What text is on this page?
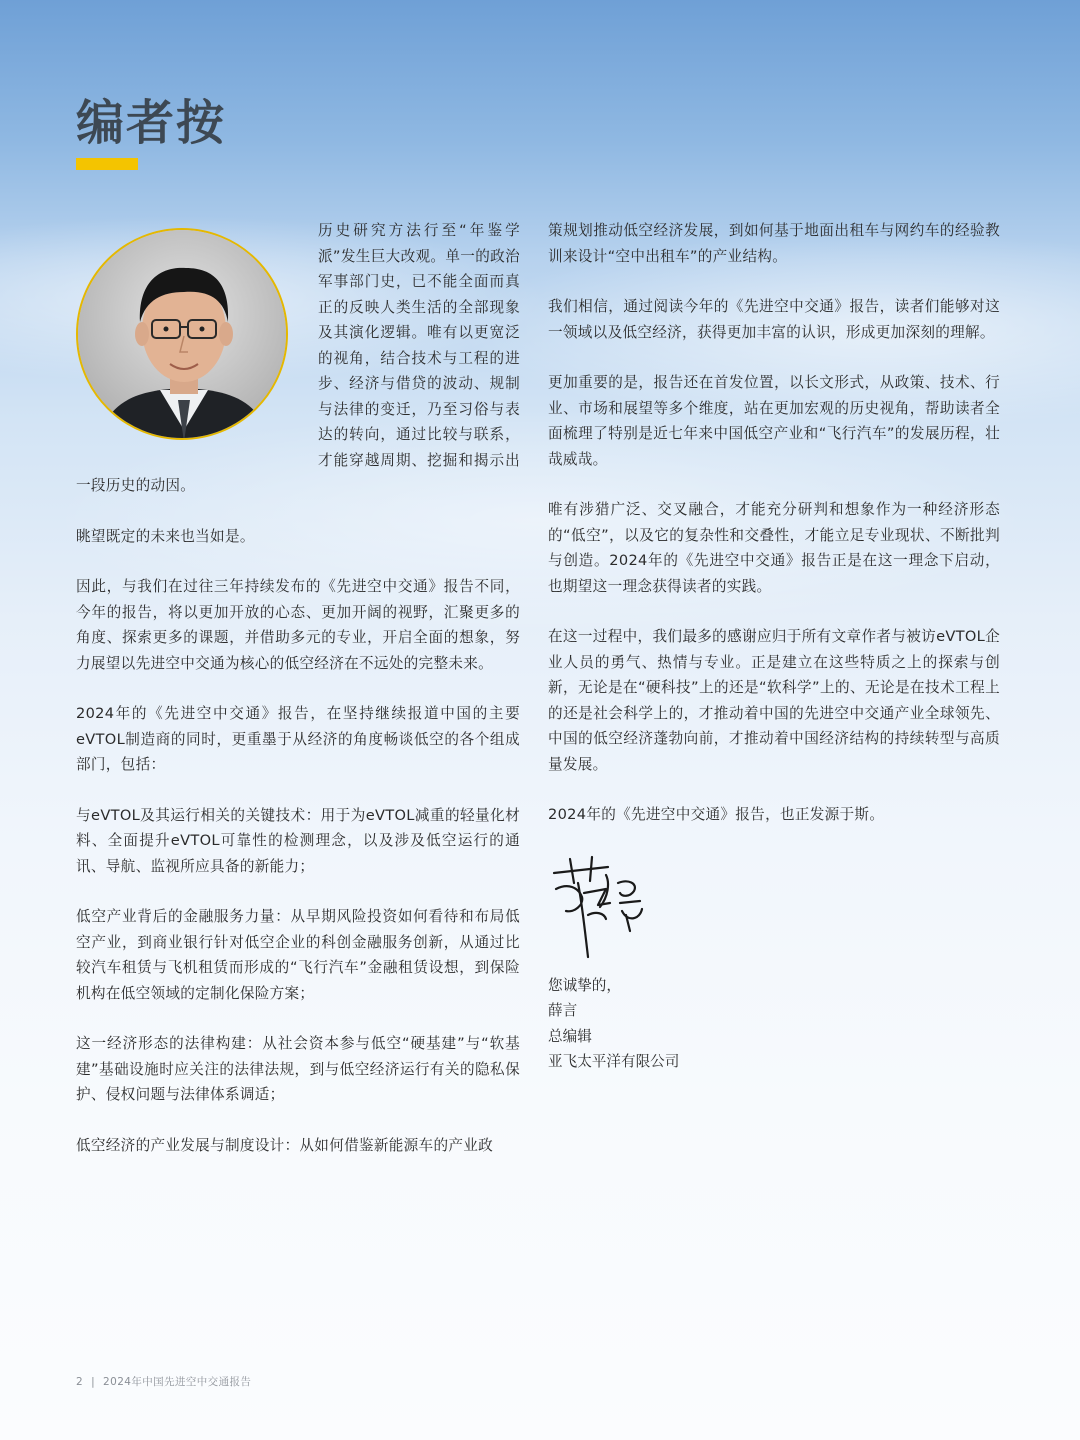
编者按

历史研究方法行至“年鉴学派”发生巨大改观。单一的政治军事部门史，已不能全面而真正的反映人类生活的全部现象及其演化逻辑。唯有以更宽泛的视角，结合技术与工程的进步、经济与借贷的波动、规制与法律的变迁，乃至习俗与表达的转向，通过比较与联系，才能穿越周期、挖掘和揭示出一段历史的动因。

眺望既定的未来也当如是。

因此，与我们在过往三年持续发布的《先进空中交通》报告不同，今年的报告，将以更加开放的心态、更加开阔的视野，汇聚更多的角度、探索更多的课题，并借助多元的专业，开启全面的想象，努力展望以先进空中交通为核心的低空经济在不远处的完整未来。

2024年的《先进空中交通》报告，在坚持继续报道中国的主要eVTOL制造商的同时，更重墨于从经济的角度畅谈低空的各个组成部门，包括：

与eVTOL及其运行相关的关键技术：用于为eVTOL减重的轻量化材料、全面提升eVTOL可靠性的检测理念，以及涉及低空运行的通讯、导航、监视所应具备的新能力；

低空产业背后的金融服务力量：从早期风险投资如何看待和布局低空产业，到商业银行针对低空企业的科创金融服务创新，从通过比较汽车租赁与飞机租赁而形成的“飞行汽车”金融租赁设想，到保险机构在低空领域的定制化保险方案；

这一经济形态的法律构建：从社会资本参与低空“硬基建”与“软基建”基础设施时应关注的法律法规，到与低空经济运行有关的隐私保护、侵权问题与法律体系调适；

低空经济的产业发展与制度设计：从如何借鉴新能源车的产业政

策规划推动低空经济发展，到如何基于地面出租车与网约车的经验教训来设计“空中出租车”的产业结构。

我们相信，通过阅读今年的《先进空中交通》报告，读者们能够对这一领域以及低空经济，获得更加丰富的认识，形成更加深刻的理解。

更加重要的是，报告还在首发位置，以长文形式，从政策、技术、行业、市场和展望等多个维度，站在更加宏观的历史视角，帮助读者全面梳理了特别是近七年来中国低空产业和“飞行汽车”的发展历程，壮哉威哉。

唯有涉猎广泛、交叉融合，才能充分研判和想象作为一种经济形态的“低空”，以及它的复杂性和交叠性，才能立足专业现状、不断批判与创造。2024年的《先进空中交通》报告正是在这一理念下启动，也期望这一理念获得读者的实践。

在这一过程中，我们最多的感谢应归于所有文章作者与被访eVTOL企业人员的勇气、热情与专业。正是建立在这些特质之上的探索与创新，无论是在“硬科技”上的还是“软科学”上的、无论是在技术工程上的还是社会科学上的，才推动着中国的先进空中交通产业全球领先、中国的低空经济蓬勃向前，才推动着中国经济结构的持续转型与高质量发展。

2024年的《先进空中交通》报告，也正发源于斯。

您诚挚的，

薛言

总编辑

亚飞太平洋有限公司

2 | 2024年中国先进空中交通报告
